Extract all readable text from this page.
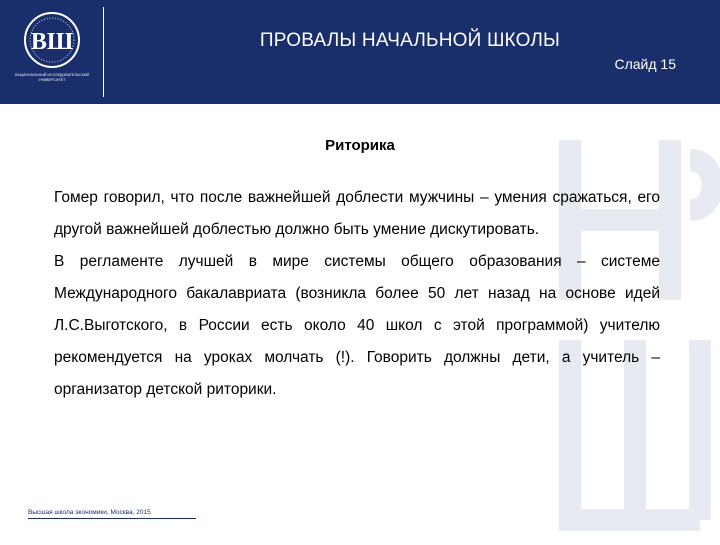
ВШ
НАЦИОНАЛЬНЫЙ ИССЛЕДОВАТЕЛЬСКИЙ УНИВЕРСИТЕТ
ПРОВАЛЫ НАЧАЛЬНОЙ ШКОЛЫ
Слайд 15
Риторика

Гомер говорил, что после важнейшей доблести мужчины – умения сражаться, его другой важнейшей доблестью должно быть умение дискутировать.

В регламенте лучшей в мире системы общего образования – системе Международного бакалавриата (возникла более 50 лет назад на основе идей Л.С.Выготского, в России есть около 40 школ с этой программой) учителю рекомендуется на уроках молчать (!). Говорить должны дети, а учитель – организатор детской риторики.

Высшая школа экономики, Москва, 2015
